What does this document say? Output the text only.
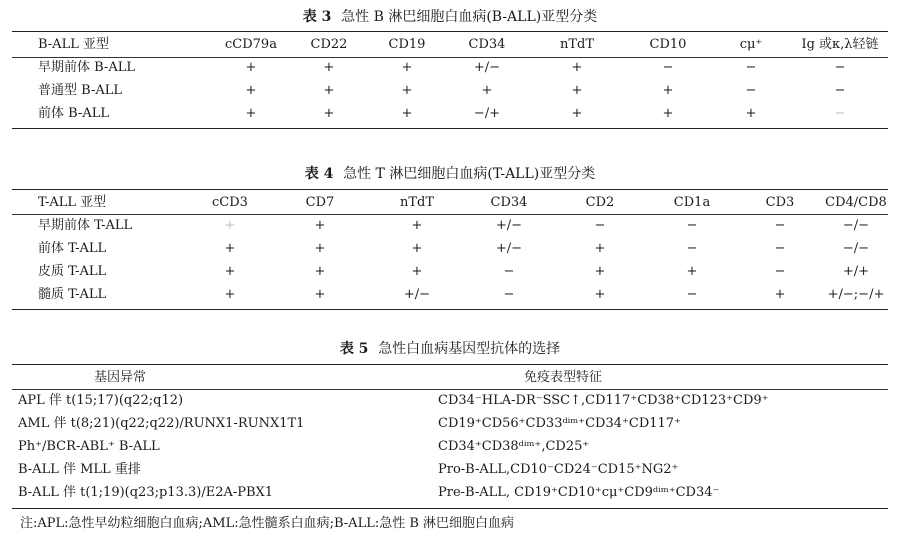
表 3 急性 B 淋巴细胞白血病(B-ALL)亚型分类
B-ALL 亚型	cCD79a	CD22	CD19	CD34	nTdT	CD10	cμ⁺	Ig 或κ,λ轻链
早期前体 B-ALL	+	+	+	+/−	+	−	−	−
普通型 B-ALL	+	+	+	+	+	+	−	−
前体 B-ALL	+	+	+	−/+	+	+	+	−
表 4 急性 T 淋巴细胞白血病(T-ALL)亚型分类
T-ALL 亚型	cCD3	CD7	nTdT	CD34	CD2	CD1a	CD3	CD4/CD8
早期前体 T-ALL	+	+	+	+/−	−	−	−	−/−
前体 T-ALL	+	+	+	+/−	+	−	−	−/−
皮质 T-ALL	+	+	+	−	+	+	−	+/+
髓质 T-ALL	+	+	+/−	−	+	−	+	+/−;−/+
表 5 急性白血病基因型抗体的选择
基因异常	免疫表型特征
APL 伴 t(15;17)(q22;q12)	CD34⁻HLA-DR⁻SSC↑,CD117⁺CD38⁺CD123⁺CD9⁺
AML 伴 t(8;21)(q22;q22)/RUNX1-RUNX1T1	CD19⁺CD56⁺CD33ᵈⁱᵐ⁺CD34⁺CD117⁺
Ph⁺/BCR-ABL⁺ B-ALL	CD34⁺CD38ᵈⁱᵐ⁺,CD25⁺
B-ALL 伴 MLL 重排	Pro-B-ALL,CD10⁻CD24⁻CD15⁺NG2⁺
B-ALL 伴 t(1;19)(q23;p13.3)/E2A-PBX1	Pre-B-ALL, CD19⁺CD10⁺cμ⁺CD9ᵈⁱᵐ⁺CD34⁻
注:APL:急性早幼粒细胞白血病;AML:急性髓系白血病;B-ALL:急性 B 淋巴细胞白血病
